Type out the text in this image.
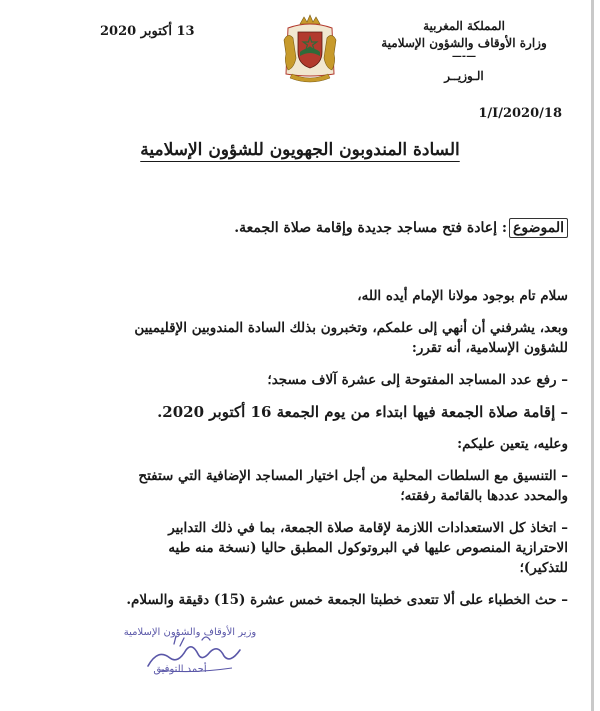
المملكة المغربية
وزارة الأوقاف والشؤون الإسلامية
—-—
الـوزيــر
1/I/2020/18
13 أكتوبر 2020
السادة المندوبون الجهويون للشؤون الإسلامية
الموضوع: إعادة فتح مساجد جديدة وإقامة صلاة الجمعة.

سلام تام بوجود مولانا الإمام أيده الله،

وبعد، يشرفني أن أنهي إلى علمكم، وتخبرون بذلك السادة المندوبين الإقليميين

للشؤون الإسلامية، أنه تقرر:

– رفع عدد المساجد المفتوحة إلى عشرة آلاف مسجد؛

– إقامة صلاة الجمعة فيها ابتداء من يوم الجمعة 16 أكتوبر 2020.

وعليه، يتعين عليكم:

– التنسيق مع السلطات المحلية من أجل اختيار المساجد الإضافية التي ستفتح

والمحدد عددها بالقائمة رفقته؛

– اتخاذ كل الاستعدادات اللازمة لإقامة صلاة الجمعة، بما في ذلك التدابير

الاحترازية المنصوص عليها في البروتوكول المطبق حاليا (نسخة منه طيه للتذكير)؛

– حث الخطباء على ألا تتعدى خطبتا الجمعة خمس عشرة (15) دقيقة والسلام.

وزير الأوقاف والشؤون الإسلامية
أحمد التوفيق
